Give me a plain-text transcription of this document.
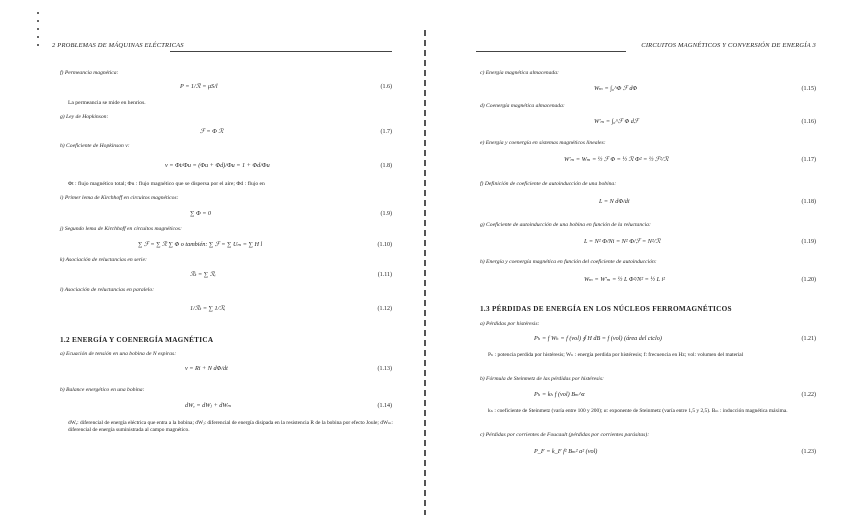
2 PROBLEMAS DE MÁQUINAS ELÉCTRICAS
f) Permeancia magnética:
P = 1/ℛ = μS/l	(1.6)
La permeancia se mide en henrios.
g) Ley de Hopkinson:
ℱ = Φ ℛ	(1.7)
h) Coeficiente de Hopkinson ν:
ν = Φt/Φu = (Φu + Φd)/Φu = 1 + Φd/Φu	(1.8)
Φt : flujo magnético total; Φu : flujo magnético que se dispersa por el aire; Φd : flujo en
i) Primer lema de Kirchhoff en circuitos magnéticos:
∑ Φ = 0	(1.9)
j) Segundo lema de Kirchhoff en circuitos magnéticos:
∑ ℱ = ∑ ℛ ∑ Φ o también: ∑ ℱ = ∑ Uₘ = ∑ H l	(1.10)
k) Asociación de reluctancias en serie:
ℛₜ = ∑ ℛᵢ	(1.11)
l) Asociación de reluctancias en paralelo:
1/ℛₜ = ∑ 1/ℛᵢ	(1.12)
1.2 ENERGÍA Y COENERGÍA MAGNÉTICA
a) Ecuación de tensión en una bobina de N espiras:
v = Ri + N dΦ/dt	(1.13)
b) Balance energético en una bobina:
dWₑ = dWⱼ + dWₘ	(1.14)
dWₑ: diferencial de energía eléctrica que entra a la bobina; dWⱼ: diferencial de energía disipada en la resistencia R de la bobina por efecto Joule; dWₘ: diferencial de energía suministrada al campo magnético.
CIRCUITOS MAGNÉTICOS Y CONVERSIÓN DE ENERGÍA 3
c) Energía magnética almacenada:
Wₘ = ∫₀^Φ ℱ dΦ	(1.15)
d) Coenergía magnética almacenada:
W′ₘ = ∫₀^ℱ Φ dℱ	(1.16)
e) Energía y coenergía en sistemas magnéticos lineales:
W′ₘ = Wₘ = ½ ℱ Φ = ½ ℛ Φ² = ½ ℱ²/ℛ	(1.17)
f) Definición de coeficiente de autoinducción de una bobina:
L = N dΦ/di	(1.18)
g) Coeficiente de autoinducción de una bobina en función de la reluctancia:
L = N² Φ/Ni = N² Φ/ℱ = N²/ℛ	(1.19)
h) Energía y coenergía magnética en función del coeficiente de autoinducción:
Wₘ = W′ₘ = ½ L Φ²/N² = ½ L i²	(1.20)
1.3 PÉRDIDAS DE ENERGÍA EN LOS NÚCLEOS FERROMAGNÉTICOS
a) Pérdidas por histéresis:
Pₕ = f Wₕ = f (vol) ∮ H dB = f (vol) (área del ciclo)	(1.21)
Pₕ : potencia perdida por histéresis; Wₕ : energía perdida por histéresis; f: frecuencia en Hz; vol: volumen del material
b) Fórmula de Steinmetz de las pérdidas por histéresis:
Pₕ = kₕ f (vol) Bₘ^α	(1.22)
kₕ : coeficiente de Steinmetz (varía entre 100 y 200); α: exponente de Steinmetz (varía entre 1,5 y 2,5). Bₘ : inducción magnética máxima.
c) Pérdidas por corrientes de Foucault (pérdidas por corrientes parásitas):
P_F = k_F f² Bₘ² a² (vol)	(1.23)
